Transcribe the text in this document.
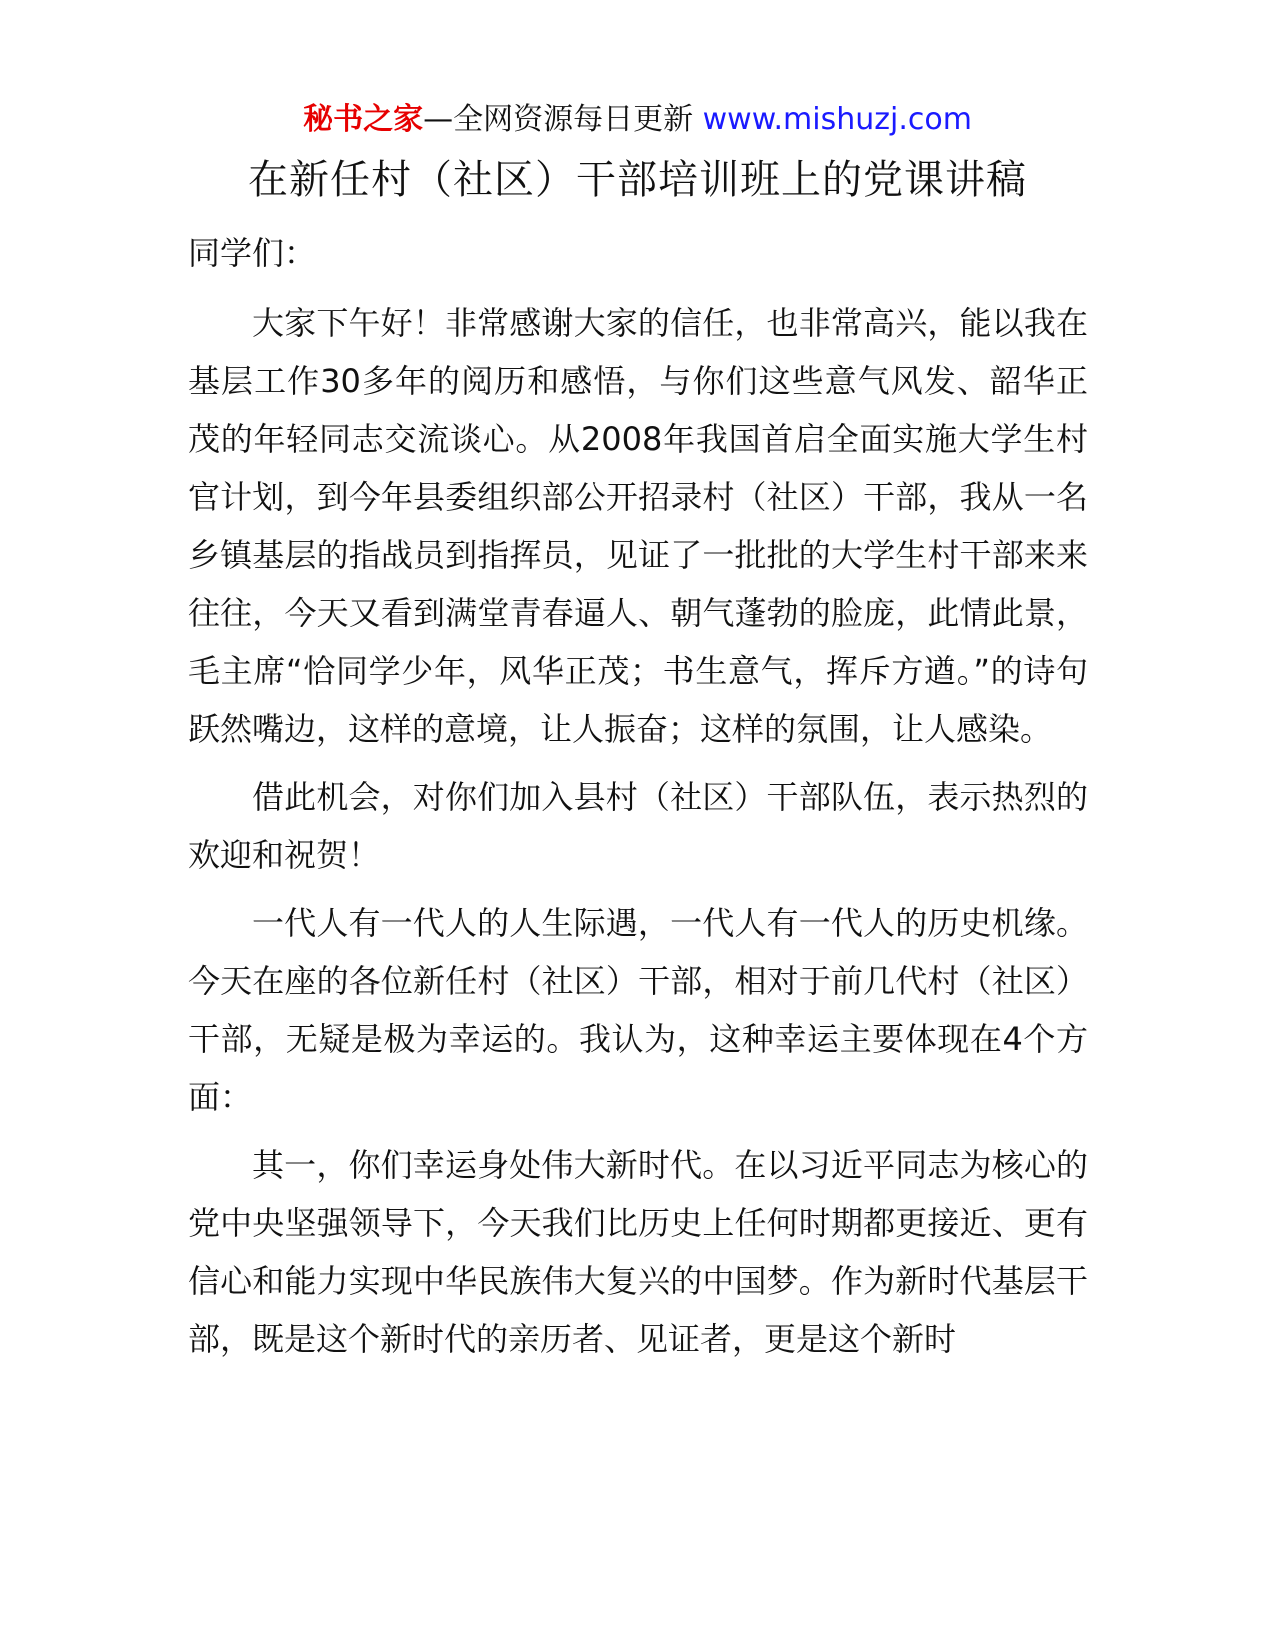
秘书之家—全网资源每日更新 www.mishuzj.com
在新任村（社区）干部培训班上的党课讲稿

同学们：

大家下午好！非常感谢大家的信任，也非常高兴，能以我在基层工作30多年的阅历和感悟，与你们这些意气风发、韶华正茂的年轻同志交流谈心。从2008年我国首启全面实施大学生村官计划，到今年县委组织部公开招录村（社区）干部，我从一名乡镇基层的指战员到指挥员，见证了一批批的大学生村干部来来往往，今天又看到满堂青春逼人、朝气蓬勃的脸庞，此情此景，毛主席“恰同学少年，风华正茂；书生意气，挥斥方遒。”的诗句跃然嘴边，这样的意境，让人振奋；这样的氛围，让人感染。

借此机会，对你们加入县村（社区）干部队伍，表示热烈的欢迎和祝贺！

一代人有一代人的人生际遇，一代人有一代人的历史机缘。今天在座的各位新任村（社区）干部，相对于前几代村（社区）干部，无疑是极为幸运的。我认为，这种幸运主要体现在4个方面：

其一，你们幸运身处伟大新时代。在以习近平同志为核心的党中央坚强领导下，今天我们比历史上任何时期都更接近、更有信心和能力实现中华民族伟大复兴的中国梦。作为新时代基层干部，既是这个新时代的亲历者、见证者，更是这个新时
